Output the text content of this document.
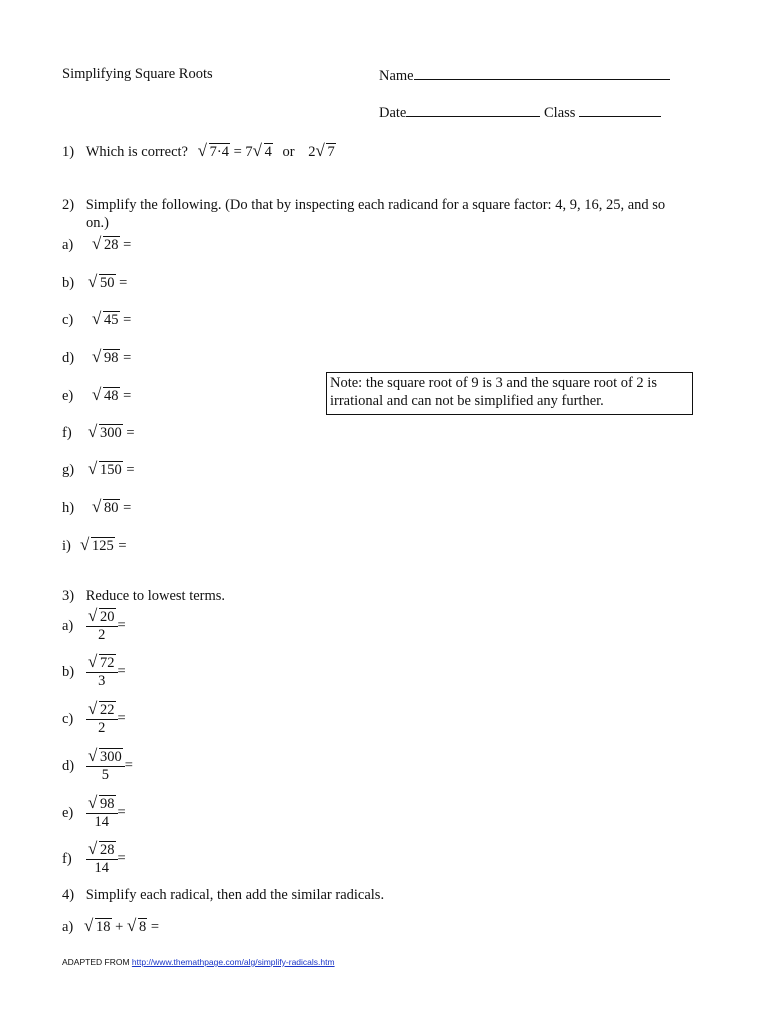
Simplifying Square Roots	Name
Date	Class
1) Which is correct? √ 7·4 = 7 √ 4 or 2 √ 7
2) Simplify the following. (Do that by inspecting each radicand for a square factor: 4, 9, 16, 25, and so
on.)
a) √ 28 =
b) √ 50 =
c) √ 45 =
d) √ 98 =
e) √ 48 =
f) √ 300 =
g) √ 150 =
h) √ 80 =
i) √ 125 =
Note: the square root of 9 is 3 and the square root of 2 is irrational and can not be simplified any further.
3) Reduce to lowest terms.
a) √ $\frac{20}{2}$ =
b) √ $\frac{72}{3}$ =
c) √ $\frac{22}{2}$ =
d) √ $\frac{300}{5}$ =
e) √ $\frac{98}{14}$ =
f) √ $\frac{28}{14}$ =
4) Simplify each radical, then add the similar radicals.
a) √ 18 + √ 8 =
ADAPTED FROM http://www.themathpage.com/alg/simplify-radicals.htm
